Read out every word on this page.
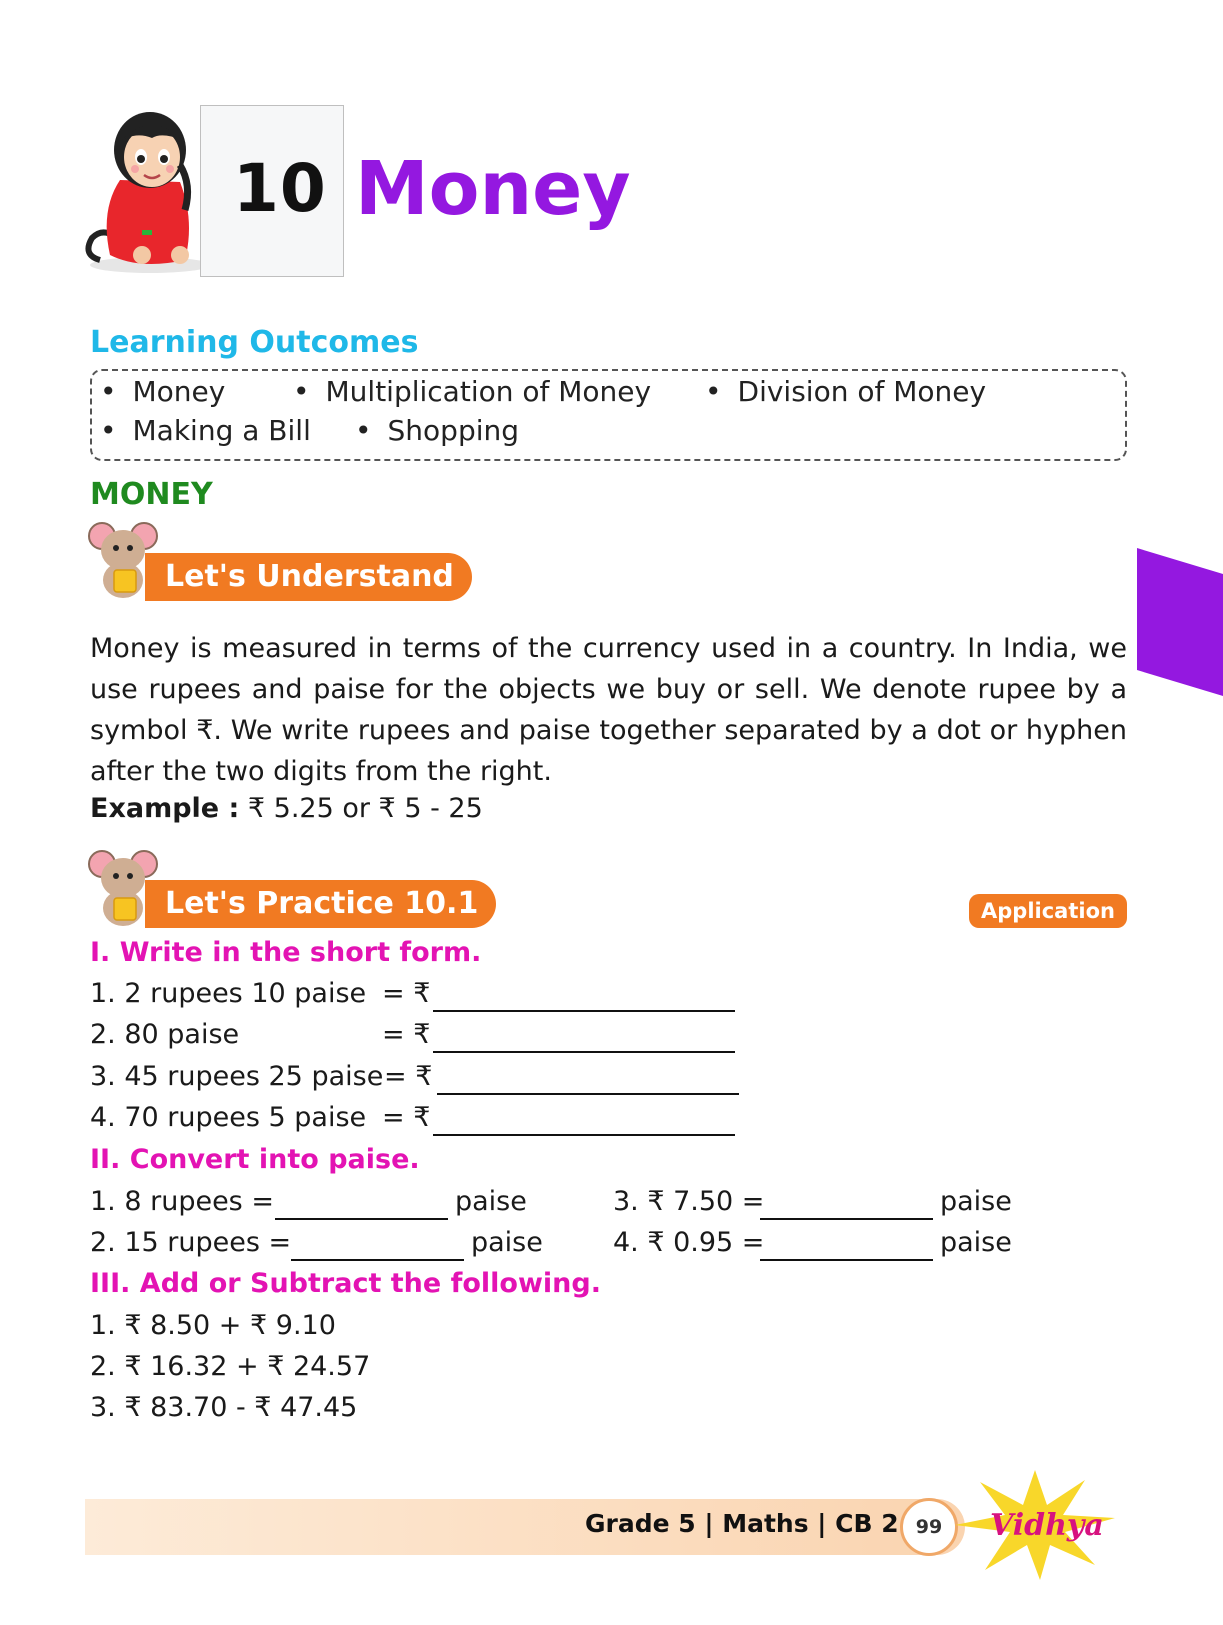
10 Money
Learning Outcomes
• Money • Multiplication of Money • Division of Money
• Making a Bill • Shopping
MONEY
Let's Understand
Money is measured in terms of the currency used in a country. In India, we use rupees and paise for the objects we buy or sell. We denote rupee by a symbol ₹. We write rupees and paise together separated by a dot or hyphen after the two digits from the right.
Example : ₹ 5.25 or ₹ 5 - 25
Let's Practice 10.1	Application
I. Write in the short form.
1. 2 rupees 10 paise = ₹
2. 80 paise	= ₹
3. 45 rupees 25 paise = ₹
4. 70 rupees 5 paise = ₹
II. Convert into paise.
1. 8 rupees =	paise
2. 15 rupees =	paise
3. ₹ 7.50 =	paise
4. ₹ 0.95 =	paise
III. Add or Subtract the following.
1. ₹ 8.50 + ₹ 9.10
2. ₹ 16.32 + ₹ 24.57
3. ₹ 83.70 - ₹ 47.45
Grade 5 | Maths | CB 2 99	Vidhya
